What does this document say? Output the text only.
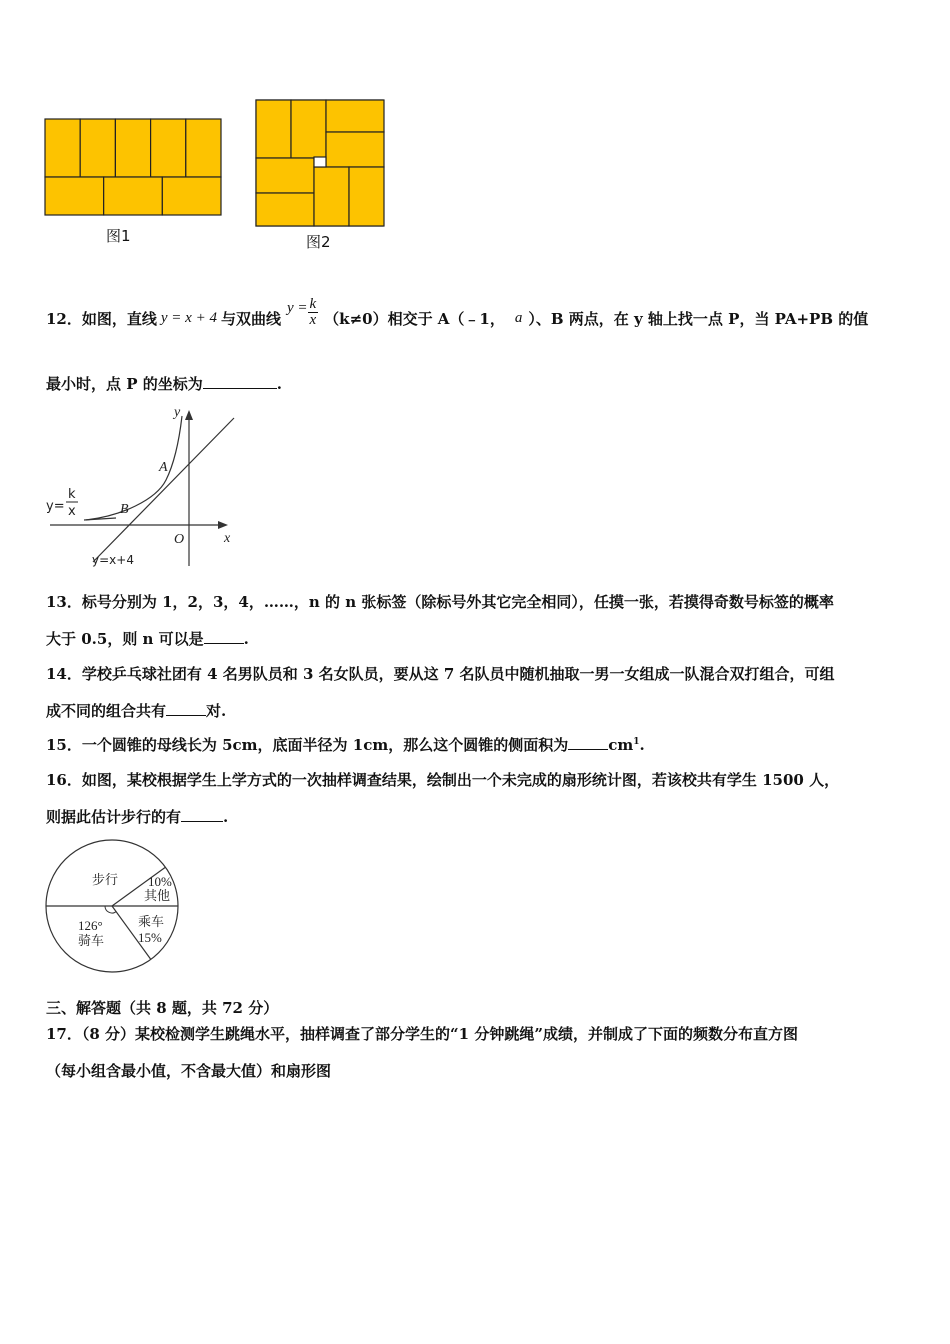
图1	图2
12． 如图，直线 y = x + 4 与双曲线
$y = \frac{k}{x} (k\ne 0)$相交于 A（﹣1， a ）、B 两点，在 y 轴上找一点 P，当 PA+PB 的值
最小时，点 P 的坐标为	.
y
x
O
A
B
y=
k
x
y=x+4
13．标号分别为 1，2，3，4，……，n 的 n 张标签（除标号外其它完全相同），任摸一张，若摸得奇数号标签的概率
大于 0.5，则 n 可以是	.
14．学校乒乓球社团有 4 名男队员和 3 名女队员，要从这 7 名队员中随机抽取一男一女组成一队混合双打组合，可组
成不同的组合共有	对.
15．一个圆锥的母线长为 5cm，底面半径为 1cm，那么这个圆锥的侧面积为	$cm^1$.
16．如图，某校根据学生上学方式的一次抽样调查结果，绘制出一个未完成的扇形统计图，若该校共有学生 1500 人，
则据此估计步行的有	.
步行 10%
其他
乘车
15%
126°
骑车
三、解答题（共 8 题，共 72 分）
17．（8 分）某校检测学生跳绳水平，抽样调查了部分学生的“1 分钟跳绳”成绩，并制成了下面的频数分布直方图
（每小组含最小值，不含最大值）和扇形图
